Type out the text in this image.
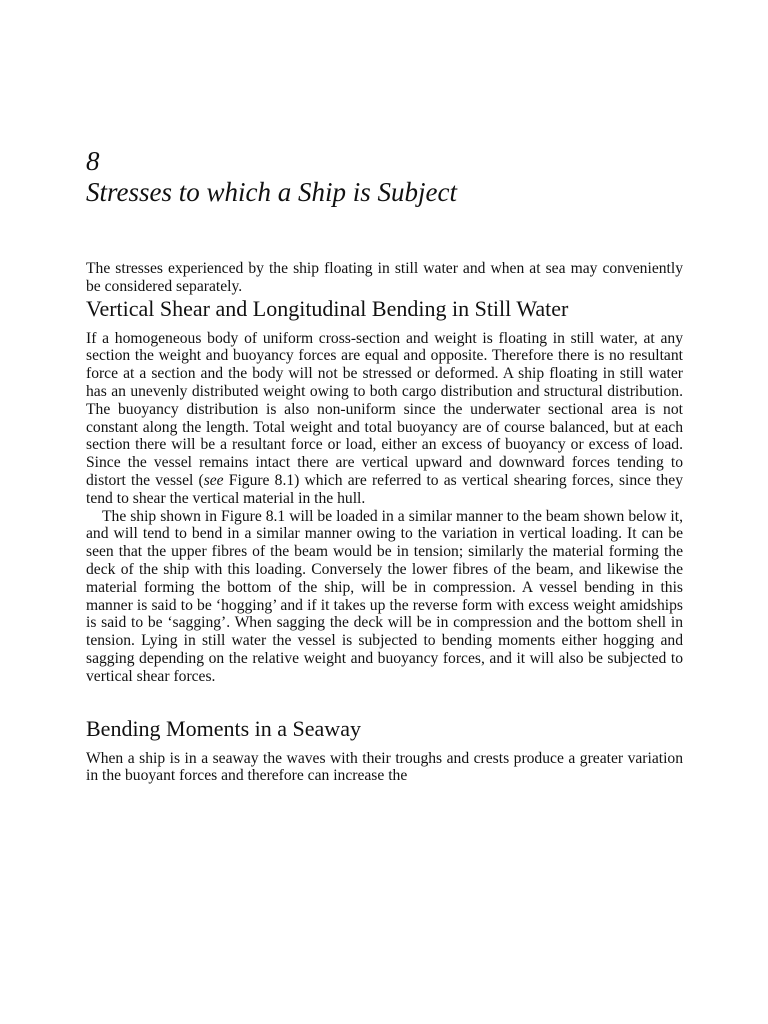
8
Stresses to which a Ship is Subject

The stresses experienced by the ship floating in still water and when at sea may conveniently be considered separately.

Vertical Shear and Longitudinal Bending in Still Water

If a homogeneous body of uniform cross-section and weight is floating in still water, at any section the weight and buoyancy forces are equal and opposite. Therefore there is no resultant force at a section and the body will not be stressed or deformed. A ship floating in still water has an unevenly distributed weight owing to both cargo distribution and structural distribution. The buoyancy distribution is also non-uniform since the underwater sectional area is not constant along the length. Total weight and total buoyancy are of course balanced, but at each section there will be a resultant force or load, either an excess of buoyancy or excess of load. Since the vessel remains intact there are vertical upward and downward forces tending to distort the vessel (see Figure 8.1) which are referred to as vertical shearing forces, since they tend to shear the vertical material in the hull.

The ship shown in Figure 8.1 will be loaded in a similar manner to the beam shown below it, and will tend to bend in a similar manner owing to the variation in vertical loading. It can be seen that the upper fibres of the beam would be in tension; similarly the material forming the deck of the ship with this loading. Conversely the lower fibres of the beam, and likewise the material forming the bottom of the ship, will be in compression. A vessel bending in this manner is said to be ‘hogging’ and if it takes up the reverse form with excess weight amidships is said to be ‘sagging’. When sagging the deck will be in compression and the bottom shell in tension. Lying in still water the vessel is subjected to bending moments either hogging and sagging depending on the relative weight and buoyancy forces, and it will also be subjected to vertical shear forces.

Bending Moments in a Seaway

When a ship is in a seaway the waves with their troughs and crests produce a greater variation in the buoyant forces and therefore can increase the
